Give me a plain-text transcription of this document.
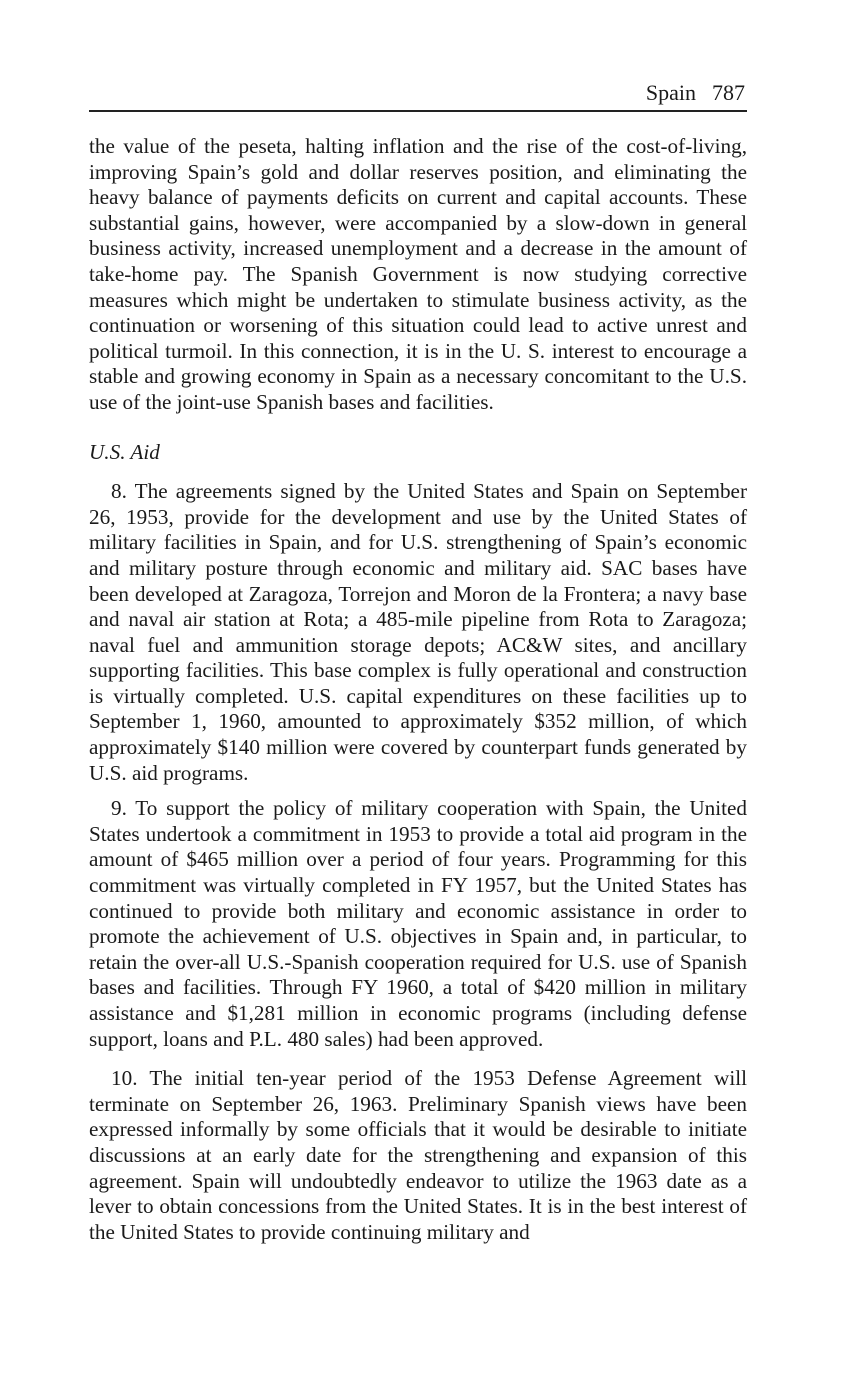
Spain 787

the value of the peseta, halting inflation and the rise of the cost-of-living, improving Spain’s gold and dollar reserves position, and eliminating the heavy balance of payments deficits on current and capital accounts. These substantial gains, however, were accompanied by a slow-down in general business activity, increased unemployment and a decrease in the amount of take-home pay. The Spanish Government is now studying corrective measures which might be undertaken to stimulate business activity, as the continuation or worsening of this situation could lead to active unrest and political turmoil. In this connection, it is in the U. S. interest to encourage a stable and growing economy in Spain as a necessary concomitant to the U.S. use of the joint-use Spanish bases and facilities.

U.S. Aid

8. The agreements signed by the United States and Spain on September 26, 1953, provide for the development and use by the United States of military facilities in Spain, and for U.S. strengthening of Spain’s economic and military posture through economic and military aid. SAC bases have been developed at Zaragoza, Torrejon and Moron de la Frontera; a navy base and naval air station at Rota; a 485-mile pipeline from Rota to Zaragoza; naval fuel and ammunition storage depots; AC&W sites, and ancillary supporting facilities. This base complex is fully operational and construction is virtually completed. U.S. capital expenditures on these facilities up to September 1, 1960, amounted to approximately $352 million, of which approximately $140 million were covered by counterpart funds generated by U.S. aid programs.

9. To support the policy of military cooperation with Spain, the United States undertook a commitment in 1953 to provide a total aid program in the amount of $465 million over a period of four years. Programming for this commitment was virtually completed in FY 1957, but the United States has continued to provide both military and economic assistance in order to promote the achievement of U.S. objectives in Spain and, in particular, to retain the over-all U.S.-Spanish cooperation required for U.S. use of Spanish bases and facilities. Through FY 1960, a total of $420 million in military assistance and $1,281 million in economic programs (including defense support, loans and P.L. 480 sales) had been approved.

10. The initial ten-year period of the 1953 Defense Agreement will terminate on September 26, 1963. Preliminary Spanish views have been expressed informally by some officials that it would be desirable to initiate discussions at an early date for the strengthening and expansion of this agreement. Spain will undoubtedly endeavor to utilize the 1963 date as a lever to obtain concessions from the United States. It is in the best interest of the United States to provide continuing military and
